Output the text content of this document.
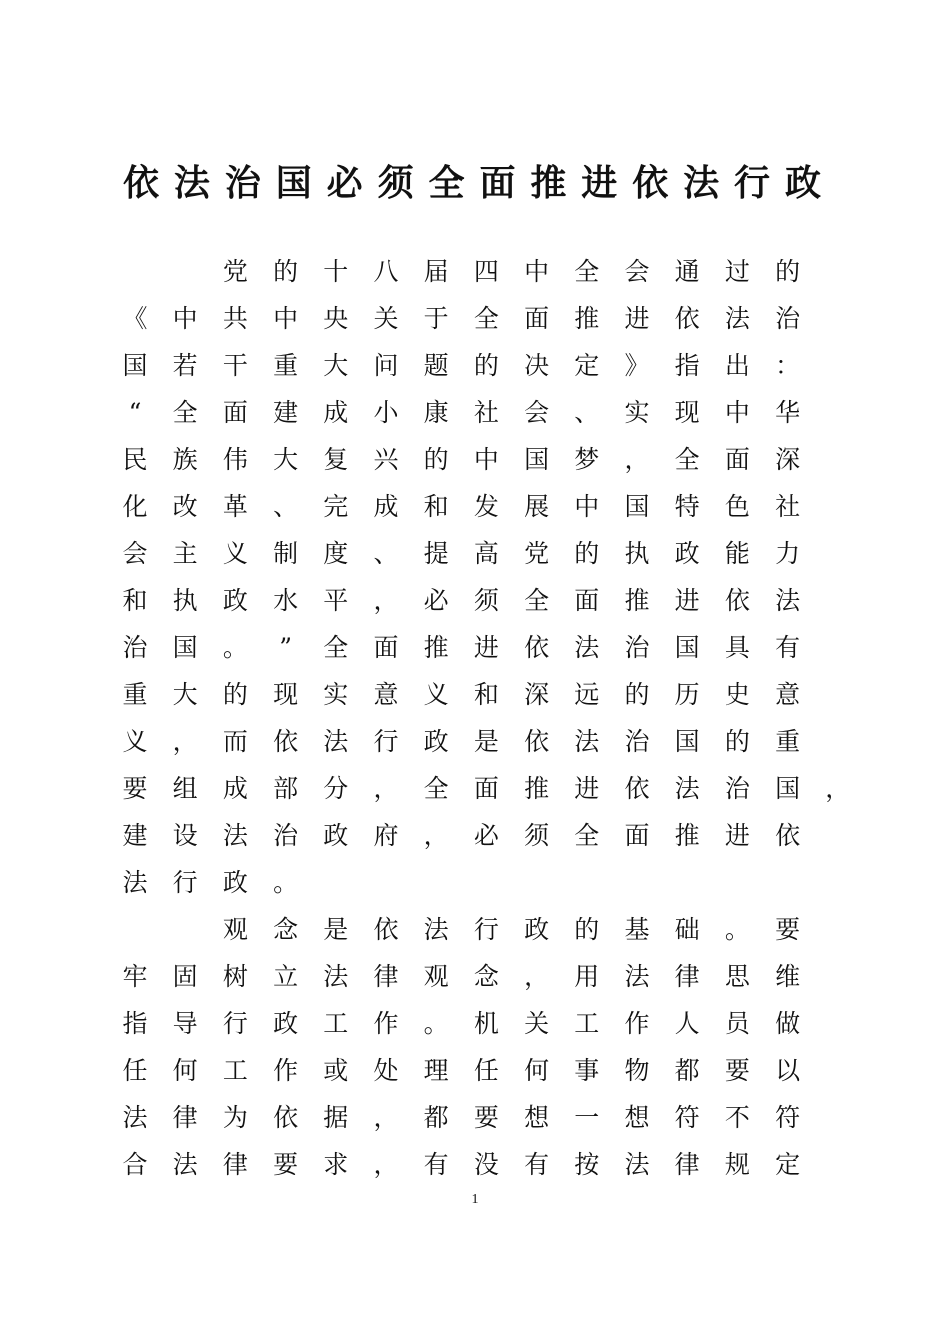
依 法 治 国 必 须 全 面 推 进 依 法 行 政
党 的 十 八 届 四 中 全 会 通 过 的
《 中 共 中 央 关 于 全 面 推 进 依 法 治
国 若 干 重 大 问 题 的 决 定 》 指 出 ：
“	全 面 建 成 小 康 社 会 、 实 现 中 华
民 族 伟 大 复 兴 的 中 国 梦 ， 全 面 深
化 改 革 、 完 成 和 发 展 中 国 特 色 社
会 主 义 制 度 、 提 高 党 的 执 政 能 力
和 执 政 水 平 ， 必 须 全 面 推 进 依 法
治 国 。	”	全 面 推 进 依 法 治 国 具 有
重 大 的 现 实 意 义 和 深 远 的 历 史 意
义 ， 而 依 法 行 政 是 依 法 治 国 的 重
要 组 成 部 分 ， 全 面 推 进 依 法 治 国 ，
建 设 法 治 政 府 ， 必 须 全 面 推 进 依
法 行 政 。
观 念 是 依 法 行 政 的 基 础 。 要
牢 固 树 立 法 律 观 念 ， 用 法 律 思 维
指 导 行 政 工 作 。 机 关 工 作 人 员 做
任 何 工 作 或 处 理 任 何 事 物 都 要 以
法 律 为 依 据 ， 都 要 想 一 想 符 不 符
合 法 律 要 求 ， 有 没 有 按 法 律 规 定
1
